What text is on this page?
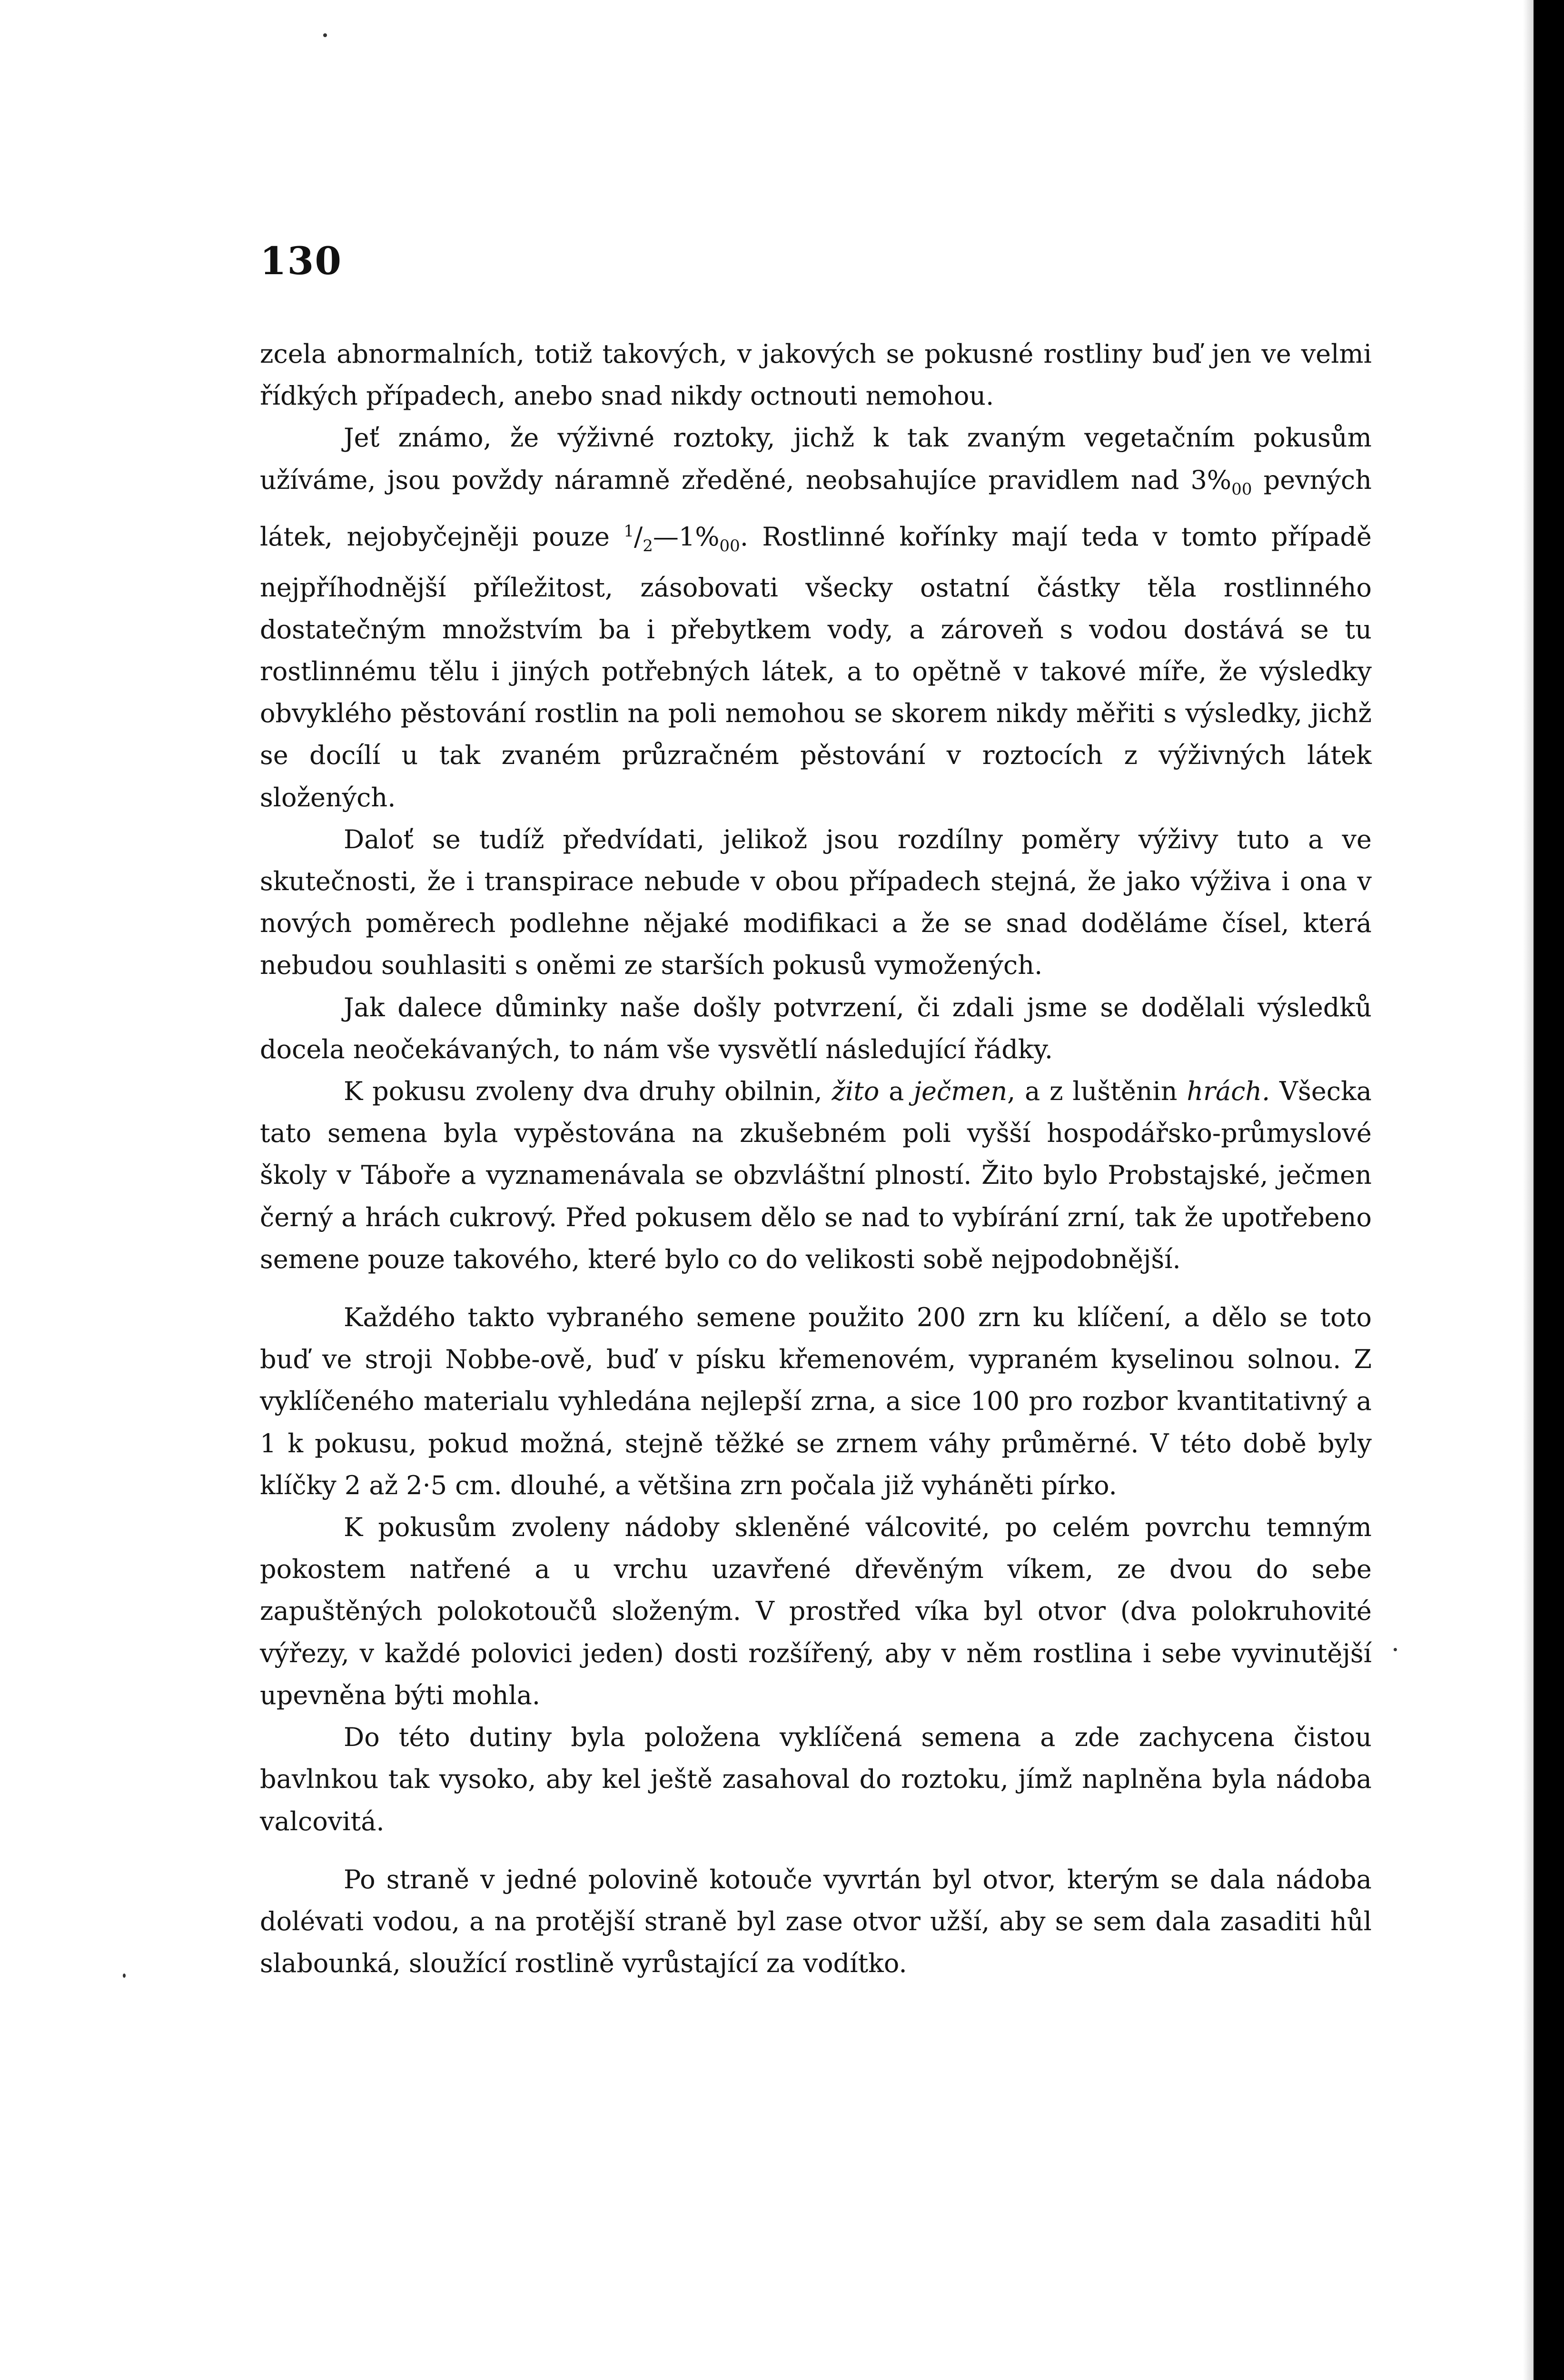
130

zcela abnormalních, totiž takových, v jakových se pokusné rostliny buď jen ve velmi řídkých případech, anebo snad nikdy octnouti nemohou.

Jeť známo, že výživné roztoky, jichž k tak zvaným vegetačním pokusům užíváme, jsou povždy náramně zředěné, neobsahujíce pravidlem nad $3\%_{00}$ pevných látek, nejobyčejněji pouze $^1/_2—1\%_{00}$. Rostlinné kořínky mají teda v tomto případě nejpříhodnější příležitost, zásobovati všecky ostatní částky těla rostlinného dostatečným množstvím ba i přebytkem vody, a zároveň s vodou dostává se tu rostlinnému tělu i jiných potřebných látek, a to opětně v takové míře, že výsledky obvyklého pěstování rostlin na poli nemohou se skorem nikdy měřiti s výsledky, jichž se docílí u tak zvaném průzračném pěstování v roztocích z výživných látek složených.

Daloť se tudíž předvídati, jelikož jsou rozdílny poměry výživy tuto a ve skutečnosti, že i transpirace nebude v obou případech stejná, že jako výživa i ona v nových poměrech podlehne nějaké modifikaci a že se snad doděláme čísel, která nebudou souhlasiti s oněmi ze starších pokusů vymožených.

Jak dalece důminky naše došly potvrzení, či zdali jsme se dodělali výsledků docela neočekávaných, to nám vše vysvětlí následující řádky.

K pokusu zvoleny dva druhy obilnin, žito a ječmen, a z luštěnin hrách. Všecka tato semena byla vypěstována na zkušebném poli vyšší hospodářsko-průmyslové školy v Táboře a vyznamenávala se obzvláštní plností. Žito bylo Probstajské, ječmen černý a hrách cukrový. Před pokusem dělo se nad to vybírání zrní, tak že upotřebeno semene pouze takového, které bylo co do velikosti sobě nejpodobnější.

Každého takto vybraného semene použito 200 zrn ku klíčení, a dělo se toto buď ve stroji Nobbe-ově, buď v písku křemenovém, vypraném kyselinou solnou. Z vyklíčeného materialu vyhledána nejlepší zrna, a sice 100 pro rozbor kvantitativný a 1 k pokusu, pokud možná, stejně těžké se zrnem váhy průměrné. V této době byly klíčky 2 až 2·5 cm. dlouhé, a většina zrn počala již vyháněti pírko.

K pokusům zvoleny nádoby skleněné válcovité, po celém povrchu temným pokostem natřené a u vrchu uzavřené dřevěným víkem, ze dvou do sebe zapuštěných polokotoučů složeným. V prostřed víka byl otvor (dva polokruhovité výřezy, v každé polovici jeden) dosti rozšířený, aby v něm rostlina i sebe vyvinutější upevněna býti mohla.

Do této dutiny byla položena vyklíčená semena a zde zachycena čistou bavlnkou tak vysoko, aby kel ještě zasahoval do roztoku, jímž naplněna byla nádoba valcovitá.

Po straně v jedné polovině kotouče vyvrtán byl otvor, kterým se dala nádoba dolévati vodou, a na protější straně byl zase otvor užší, aby se sem dala zasaditi hůl slabounká, sloužící rostlině vyrůstající za vodítko.
